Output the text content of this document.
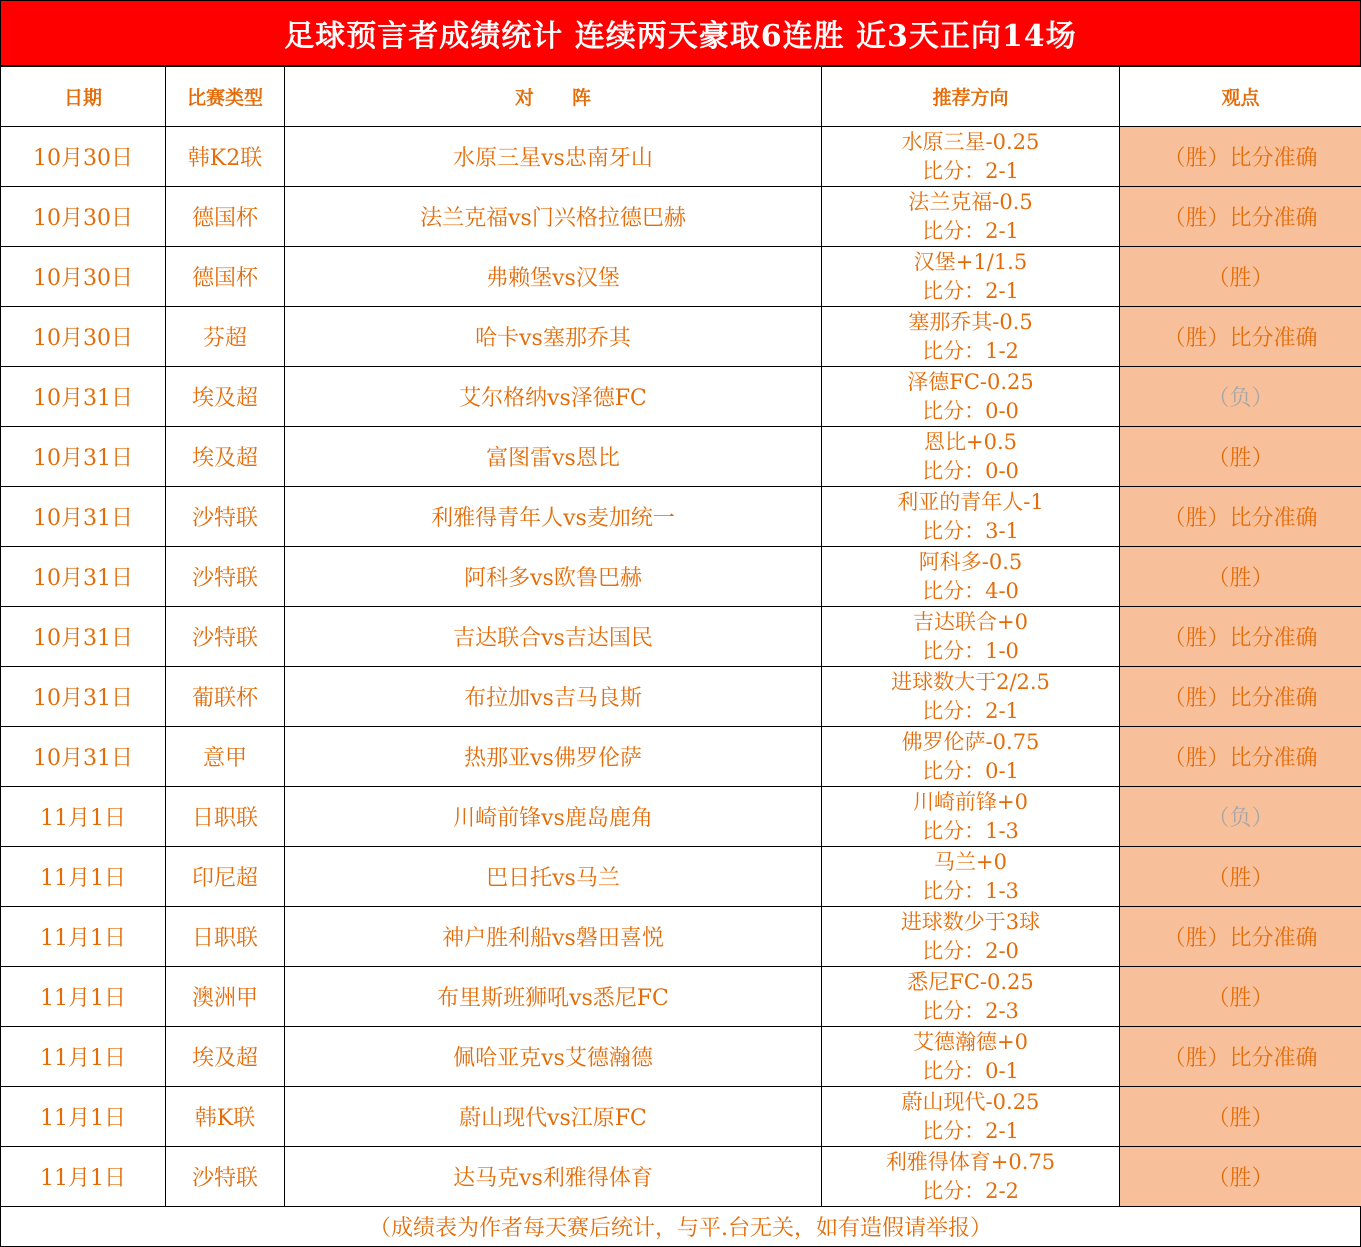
足球预言者成绩统计 连续两天豪取6连胜 近3天正向14场
日期	比赛类型	对　　阵	推荐方向	观点
10月30日	韩K2联	水原三星vs忠南牙山	水原三星-0.25
比分：2-1	（胜）比分准确
10月30日	德国杯	法兰克福vs门兴格拉德巴赫	法兰克福-0.5
比分：2-1	（胜）比分准确
10月30日	德国杯	弗赖堡vs汉堡	汉堡+1/1.5
比分：2-1	（胜）
10月30日	芬超	哈卡vs塞那乔其	塞那乔其-0.5
比分：1-2	（胜）比分准确
10月31日	埃及超	艾尔格纳vs泽德FC	泽德FC-0.25
比分：0-0	（负）
10月31日	埃及超	富图雷vs恩比	恩比+0.5
比分：0-0	（胜）
10月31日	沙特联	利雅得青年人vs麦加统一	利亚的青年人-1
比分：3-1	（胜）比分准确
10月31日	沙特联	阿科多vs欧鲁巴赫	阿科多-0.5
比分：4-0	（胜）
10月31日	沙特联	吉达联合vs吉达国民	吉达联合+0
比分：1-0	（胜）比分准确
10月31日	葡联杯	布拉加vs吉马良斯	进球数大于2/2.5
比分：2-1	（胜）比分准确
10月31日	意甲	热那亚vs佛罗伦萨	佛罗伦萨-0.75
比分：0-1	（胜）比分准确
11月1日	日职联	川崎前锋vs鹿岛鹿角	川崎前锋+0
比分：1-3	（负）
11月1日	印尼超	巴日托vs马兰	马兰+0
比分：1-3	（胜）
11月1日	日职联	神户胜利船vs磐田喜悦	进球数少于3球
比分：2-0	（胜）比分准确
11月1日	澳洲甲	布里斯班狮吼vs悉尼FC	悉尼FC-0.25
比分：2-3	（胜）
11月1日	埃及超	佩哈亚克vs艾德瀚德	艾德瀚德+0
比分：0-1	（胜）比分准确
11月1日	韩K联	蔚山现代vs江原FC	蔚山现代-0.25
比分：2-1	（胜）
11月1日	沙特联	达马克vs利雅得体育	利雅得体育+0.75
比分：2-2	（胜）
（成绩表为作者每天赛后统计，与平.台无关，如有造假请举报）
